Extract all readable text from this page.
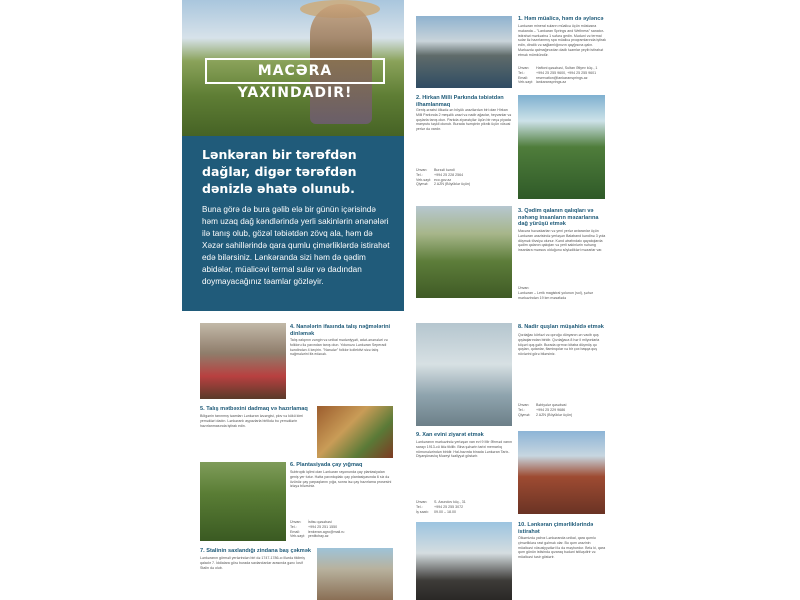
MACƏRA YAXINDADIR!
Lənkəran bir tərəfdən dağlar, digər tərəfdən dənizlə əhatə olunub.
Buna görə də bura gəlib elə bir günün içərisində həm uzaq dağ kəndlərində yerli sakinlərin ənənələri ilə tanış olub, gözəl təbiətdən zövq ala, həm də Xəzər sahillərində qara qumlu çimərliklərdə istirahət edə bilərsiniz. Lənkəranda sizi həm də qədim abidələr, müalicəvi termal sular və dadından doymayacağınız təamlar gözləyir.
1. Həm müalicə, həm də əyləncə
Lənkəran mineral suların müalicə üçün müstəsna məkanda – "Lankaran Springs and Wellness" sanator-istirahət mərkəzinə 1 səfərə gedin. Mədəni və termal sular ilə hazırlanmış spa müalicə proqramlarında iştirak edin, dinclik və sağlamlığınızın qayğısına qalın. Mərkəzdə qalmağınızdan dadlı təamlar yeyib istirahət etmək mümkündür.
Ünvan: Haftoni qəsəbəsi, Sultan Əliyev küç., 1
Tel.:	+994 25 255 9600, +994 25 255 9601
Email: reservation@lankaransprings.az
Veb-sayt: lankaransprings.az
2. Hirkan Milli Parkında təbiətdən ilhamlanmaq
Geniş ərazisi ölkədə ən böyük ərazilərdən biri olan Hirkan Milli Parkında 2 meşəlik ərazi və nadir ağaclar, heyvanlar və quşlarla tanış olun. Parkda ziyarətçilər üçün bir neçə piyada marşrutu təşkil olunub. Burada həmçinin piknik üçün xüsusi yerlər də vardır.
Ünvan: Burzəli kəndi
Tel.:	+994 25 228 2564
Veb-sayt: eco.gov.az
Qiymət: 2 AZN (Böyüklər üçün)
3. Qədim qalanın qalıqları və nəhəng insanların məzarlarına dağ yürüşü etmək
Macəra həvəskarları və yeni yerlər axtaranlar üçün Lənkəran ərazisində yerləşən Balaband kəndinə 3 yola düşmək tövsiyə olunur. Kənd ətrafındakı qayalıqlarda qədim qalanın qalıqları və yerli sakinlərin nəhəng insanlara məxsus olduğunu söylədikləri məzarlar var.
Ünvan:Lənkəran – Lerik magistral yolunun (sol), şəhər mərkəzindən 19 km məsafədə
4. Nanələrin ifasında talış nəğmələrini dinləmək
Talış xalqının zəngin və unikal mədəniyyəti, adət-ənənələri və folkloru ilə yaxından tanış olun. Yolunuzu Lənkəran Seperadi kəndindən 4 keçirin. "Nanələr" folklor kollektivi sizə talış nəğmələrini ifa edəcək.
5. Talış mətbəxini dadmaq və hazırlamaq
Bölgənin tanınmış təamları Lənkəran ləvəngisi, plov və kükü kimi yeməkləri dadın. Lənkəranlı aşpazlarla birlikdə bu yeməklərin hazırlanmasında iştirak edin.
6. Plantasiyada çay yığmaq
Subtropik iqlimi olan Lənkəran rayonunda çay plantasiyaları geniş yer tutur. Hətta yaxınlıqdakı çay plantasiyasında 6 siz də özünüz çay yarpaqlarını yığa, sonra isə çay hazırlama prosesini izləyə bilərsiniz.
Ünvan: İstisu qəsəbəsi
Tel.:	+994 25 251 1550
Email: lenkeran.agro@mail.ru
Veb-sayt: yeniltchay.az
7. Stalinin saxlandığı zindana baş çəkmək
Lənkəranın görməli yerlərindən biri də 1747-1786-cı illərdə tikilmiş qaladır 7. İddialara görə burada saxlanılanlar arasında gənc İosif Stalin də olub.
8. Nadir quşları müşahidə etmək
Qızılağac körfəzi və qoruğu dünyanın ən vacib quş qışlaqlarından biridir. Qızılağaca 8 hər il milyonlarla köçəri quş gəlir. Burada qırmızı kitaba düşmüş qu quşları, qutanlar, flaminqolar və bir çox başqa quş növlərini görə bilərsiniz.
Ünvan: Bəbiyələr qəsəbəsi
Tel.:	+994 25 229 9686
Qiymət: 2 AZN (Böyüklər üçün)
9. Xan evini ziyarət etmək
Lənkəranın mərkəzində yerləşən xan evi 9 Mir Əhməd xanın sarayı 1913-cü ildə tikilib. Bina şəhərin tarixi memarlıq nümunələrindən biridir. Hal-hazırda binada Lənkəran Tarix-Diyarşünaslıq Muzeyi fəaliyyət göstərir.
Ünvan: S. Axundov küç., 31
Tel.:	+994 25 255 3072
İş saatı: 09.00 – 18.00
10. Lənkəran çimərliklərində istirahət
Ölkəmizdə yalnız Lənkəranda unikal, qara qumlu çimərliklərə rast gəlmək olar. Bu qum ərazinin müalicəvi xüsusiyyətləri ilə də məşhurdur. Belə ki, qara qum günün istisində qızaraq bədəni istiləşdirir və müalicəvi təsir göstərir.
